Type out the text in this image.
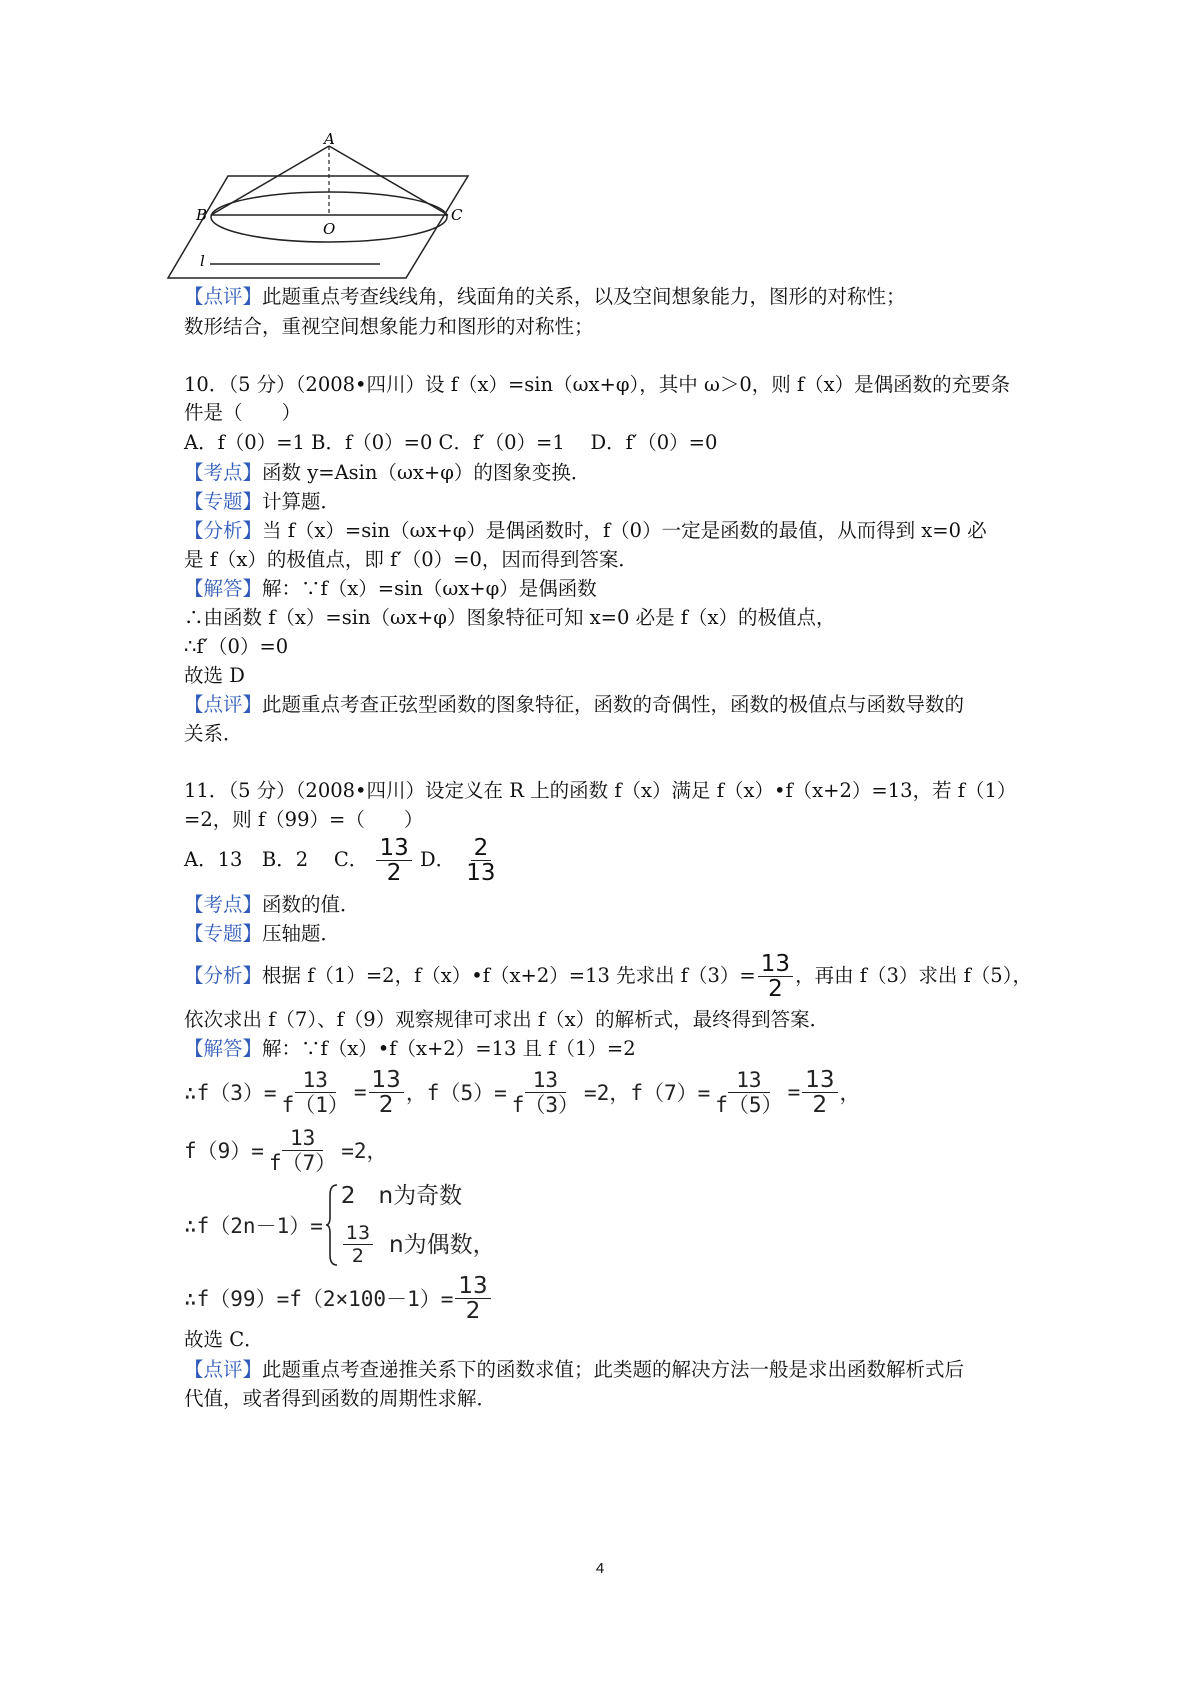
A
B	C
O
l
【点评】此题重点考查线线角，线面角的关系，以及空间想象能力，图形的对称性；
数形结合，重视空间想象能力和图形的对称性；
10．（5 分）（2008•四川）设 f（x）=sin（ωx+φ），其中 ω＞0，则 f（x）是偶函数的充要条
件是（　　）
A．f（0）=1 B．f（0）=0 C．f′（0）=1　 D．f′（0）=0
【考点】函数 y=Asin（ωx+φ）的图象变换．
【专题】计算题．
【分析】当 f（x）=sin（ωx+φ）是偶函数时，f（0）一定是函数的最值，从而得到 x=0 必
是 f（x）的极值点，即 f′（0）=0，因而得到答案．
【解答】解：∵f（x）=sin（ωx+φ）是偶函数
∴由函数 f（x）=sin（ωx+φ）图象特征可知 x=0 必是 f（x）的极值点，
∴f′（0）=0
故选 D
【点评】此题重点考查正弦型函数的图象特征，函数的奇偶性，函数的极值点与函数导数的
关系．
11．（5 分）（2008•四川）设定义在 R 上的函数 f（x）满足 f（x）•f（x+2）=13，若 f（1）
=2，则 f（99）=（　　）
A．13　B．2　 C． $\frac{13}{2}$ D． $\frac{2}{13}$
【考点】函数的值．
【专题】压轴题．
【分析】根据 f（1）=2，f（x）•f（x+2）=13 先求出 $f(3)= \frac{13}{2}$ ，再由 f（3）求出 f（5），
依次求出 f（7）、f（9）观察规律可求出 f（x）的解析式，最终得到答案．
【解答】解：∵f（x）•f（x+2）=13 且 f（1）=2
∴f（3）= $\frac{13}{f(1)} = \frac{13}{2}$ ，$f(5)= \frac{13}{f(3)} =2$， $f(7)= \frac{13}{f(5)} = \frac{13}{2}$ ，
$f(9)= \frac{13}{f(7)} =2$，
∴f（2n－1）=
2　n为奇数
$\frac{13}{2}$ n为偶数 ，
∴f（99）=f（2×100－1）= $\frac{13}{2}$
故选 C．
【点评】此题重点考查递推关系下的函数求值；此类题的解决方法一般是求出函数解析式后
代值，或者得到函数的周期性求解．
4
